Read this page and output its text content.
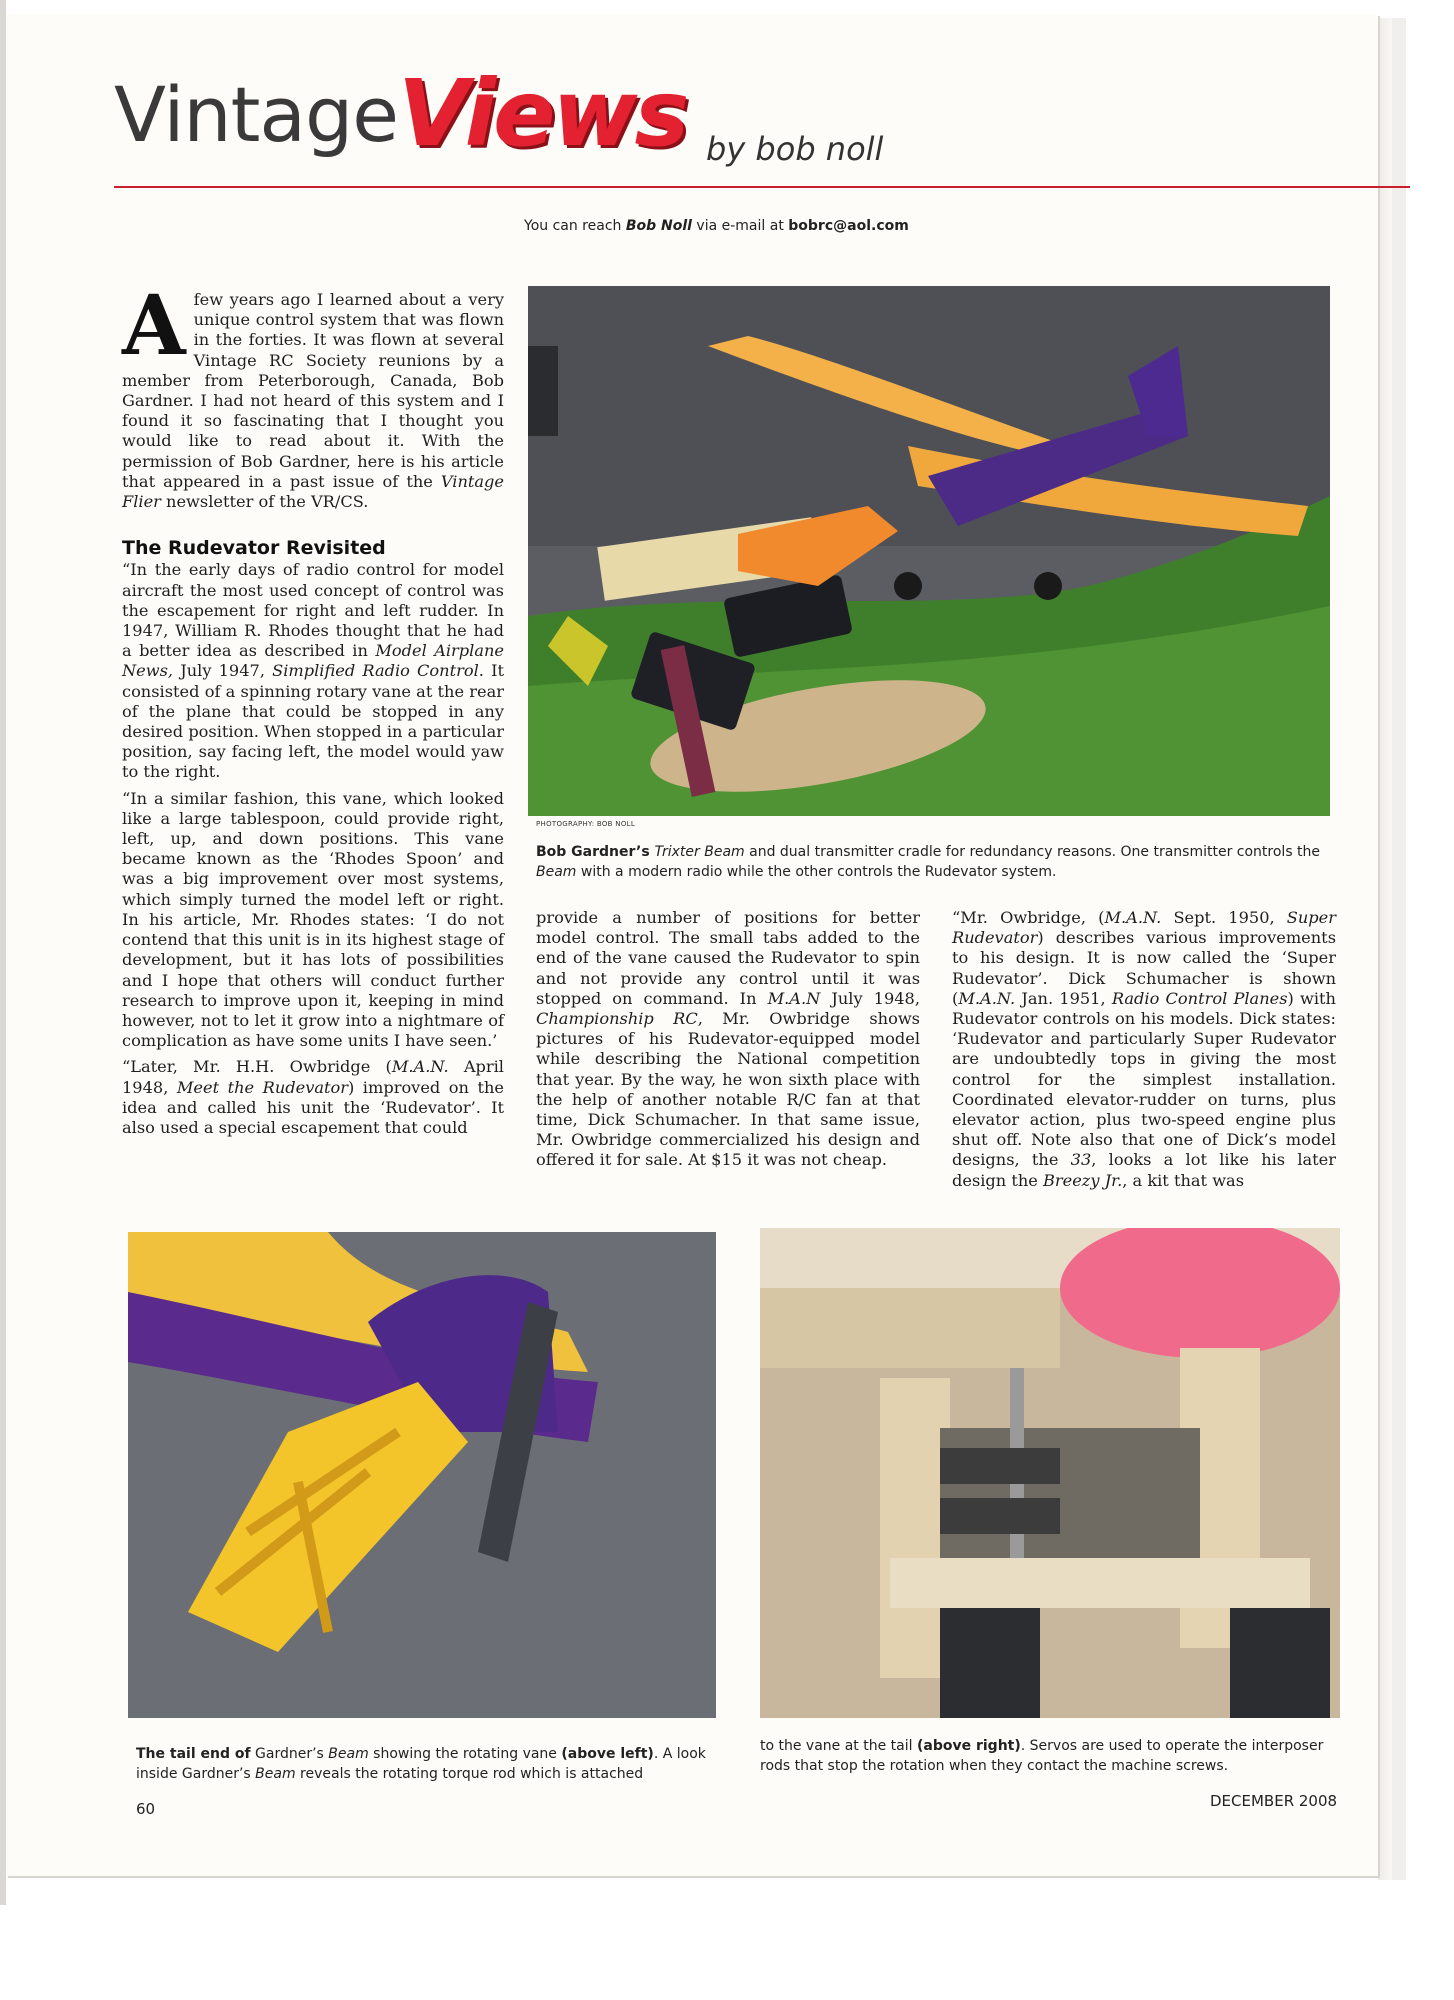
Vintage Views by bob noll
You can reach Bob Noll via e-mail at bobrc@aol.com

Afew years ago I learned about a very unique control system that was flown in the forties. It was flown at several Vintage RC Society reunions by a member from Peterborough, Canada, Bob Gardner. I had not heard of this system and I found it so fascinating that I thought you would like to read about it. With the permission of Bob Gardner, here is his article that appeared in a past issue of the Vintage Flier newsletter of the VR/CS.

The Rudevator Revisited

“In the early days of radio control for model aircraft the most used concept of control was the escapement for right and left rudder. In 1947, William R. Rhodes thought that he had a better idea as described in Model Airplane News, July 1947, Simplified Radio Control. It consisted of a spinning rotary vane at the rear of the plane that could be stopped in any desired position. When stopped in a particular position, say facing left, the model would yaw to the right.

“In a similar fashion, this vane, which looked like a large tablespoon, could provide right, left, up, and down positions. This vane became known as the ‘Rhodes Spoon’ and was a big improvement over most systems, which simply turned the model left or right. In his article, Mr. Rhodes states: ‘I do not contend that this unit is in its highest stage of development, but it has lots of possibilities and I hope that others will conduct further research to improve upon it, keeping in mind however, not to let it grow into a nightmare of complication as have some units I have seen.’

“Later, Mr. H.H. Owbridge (M.A.N. April 1948, Meet the Rudevator) improved on the idea and called his unit the ‘Rudevator’. It also used a special escapement that could

provide a number of positions for better model control. The small tabs added to the end of the vane caused the Rudevator to spin and not provide any control until it was stopped on command. In M.A.N July 1948, Championship RC, Mr. Owbridge shows pictures of his Rudevator-equipped model while describing the National competition that year. By the way, he won sixth place with the help of another notable R/C fan at that time, Dick Schumacher. In that same issue, Mr. Owbridge commercialized his design and offered it for sale. At $15 it was not cheap.

“Mr. Owbridge, (M.A.N. Sept. 1950, Super Rudevator) describes various improvements to his design. It is now called the ‘Super Rudevator’. Dick Schumacher is shown (M.A.N. Jan. 1951, Radio Control Planes) with Rudevator controls on his models. Dick states: ‘Rudevator and particularly Super Rudevator are undoubtedly tops in giving the most control for the simplest installation. Coordinated elevator-rudder on turns, plus elevator action, plus two-speed engine plus shut off. Note also that one of Dick’s model designs, the 33, looks a lot like his later design the Breezy Jr., a kit that was

PHOTOGRAPHY: BOB NOLL
Bob Gardner’s Trixter Beam and dual transmitter cradle for redundancy reasons. One transmitter controls the Beam with a modern radio while the other controls the Rudevator system.
The tail end of Gardner’s Beam showing the rotating vane (above left). A look inside Gardner’s Beam reveals the rotating torque rod which is attached
to the vane at the tail (above right). Servos are used to operate the interposer rods that stop the rotation when they contact the machine screws.
60	DECEMBER 2008
